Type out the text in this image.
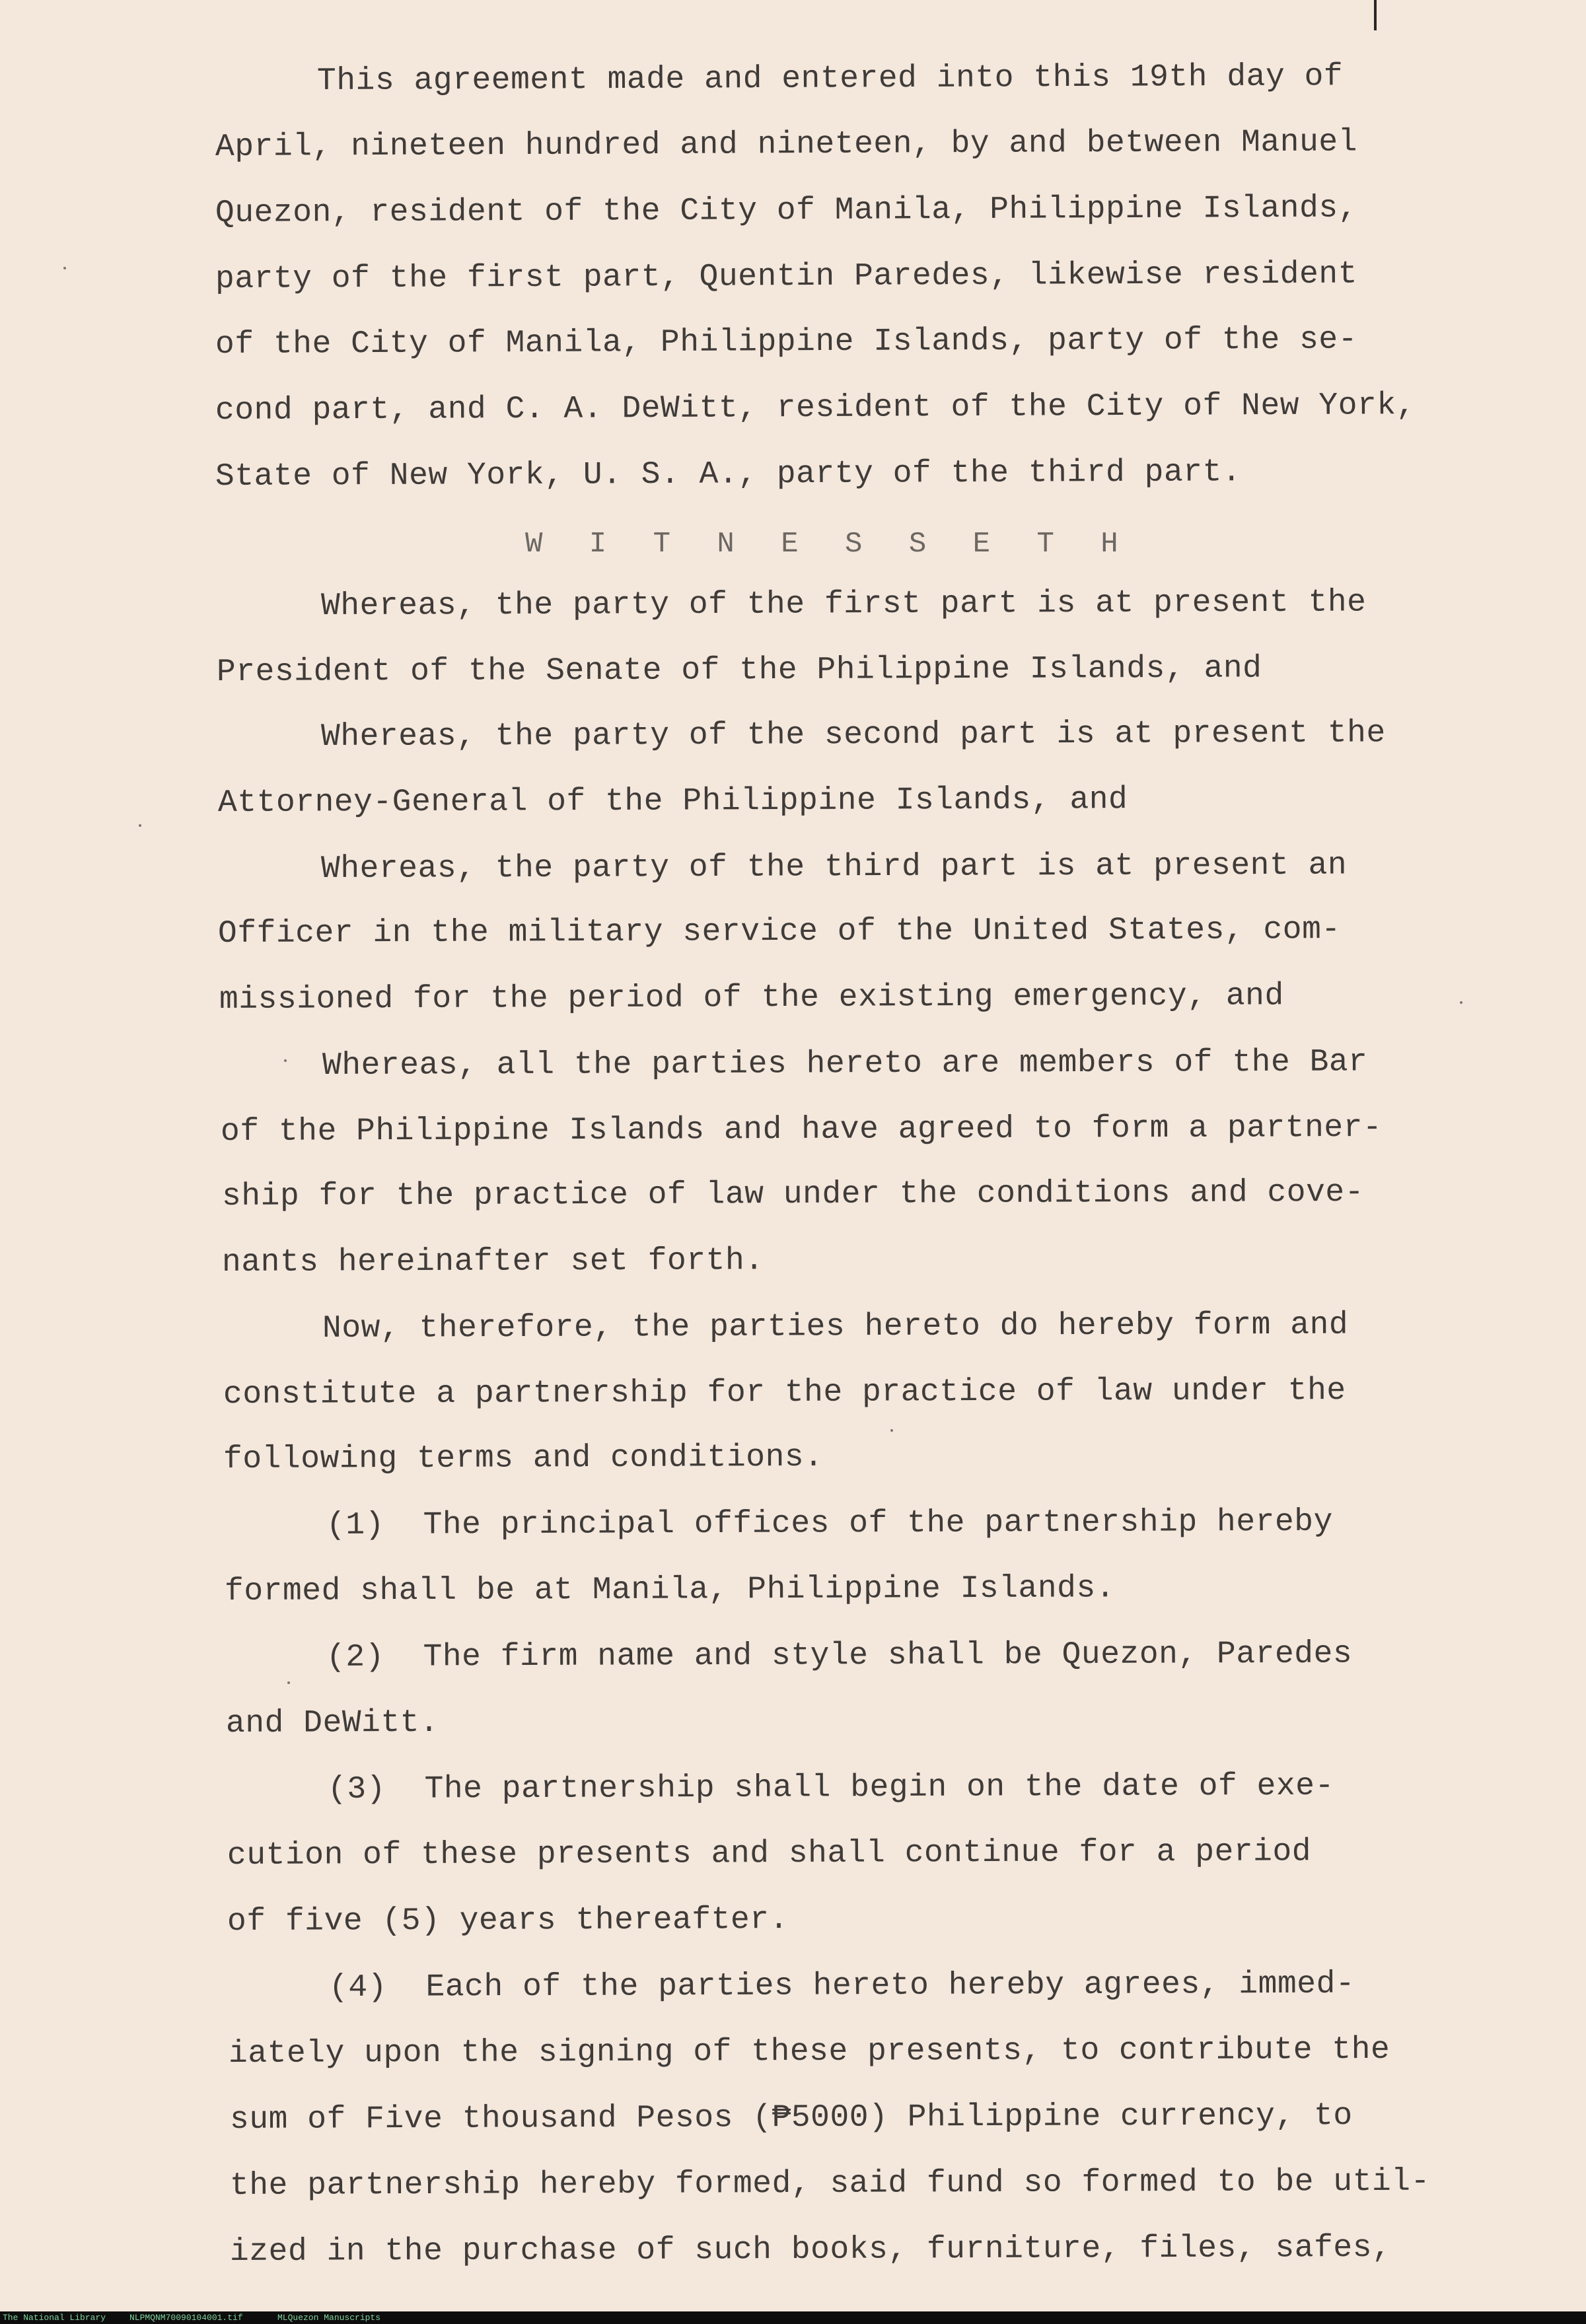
This agreement made and entered into this 19th day of
April, nineteen hundred and nineteen, by and between Manuel
Quezon, resident of the City of Manila, Philippine Islands,
party of the first part, Quentin Paredes, likewise resident
of the City of Manila, Philippine Islands, party of the se-
cond part, and C. A. DeWitt, resident of the City of New York,
State of New York, U. S. A., party of the third part.
W I T N E S S E T H
Whereas, the party of the first part is at present the
President of the Senate of the Philippine Islands, and
Whereas, the party of the second part is at present the
Attorney-General of the Philippine Islands, and
Whereas, the party of the third part is at present an
Officer in the military service of the United States, com-
missioned for the period of the existing emergency, and
Whereas, all the parties hereto are members of the Bar
of the Philippine Islands and have agreed to form a partner-
ship for the practice of law under the conditions and cove-
nants hereinafter set forth.
Now, therefore, the parties hereto do hereby form and
constitute a partnership for the practice of law under the
following terms and conditions.
(1)  The principal offices of the partnership hereby
formed shall be at Manila, Philippine Islands.
(2)  The firm name and style shall be Quezon, Paredes
and DeWitt.
(3)  The partnership shall begin on the date of exe-
cution of these presents and shall continue for a period
of five (5) years thereafter.
(4)  Each of the parties hereto hereby agrees, immed-
iately upon the signing of these presents, to contribute the
sum of Five thousand Pesos (₱5000) Philippine currency, to
the partnership hereby formed, said fund so formed to be util-
ized in the purchase of such books, furniture, files, safes,
The National Library	NLPMQNM70090104001.tif	MLQuezon Manuscripts
